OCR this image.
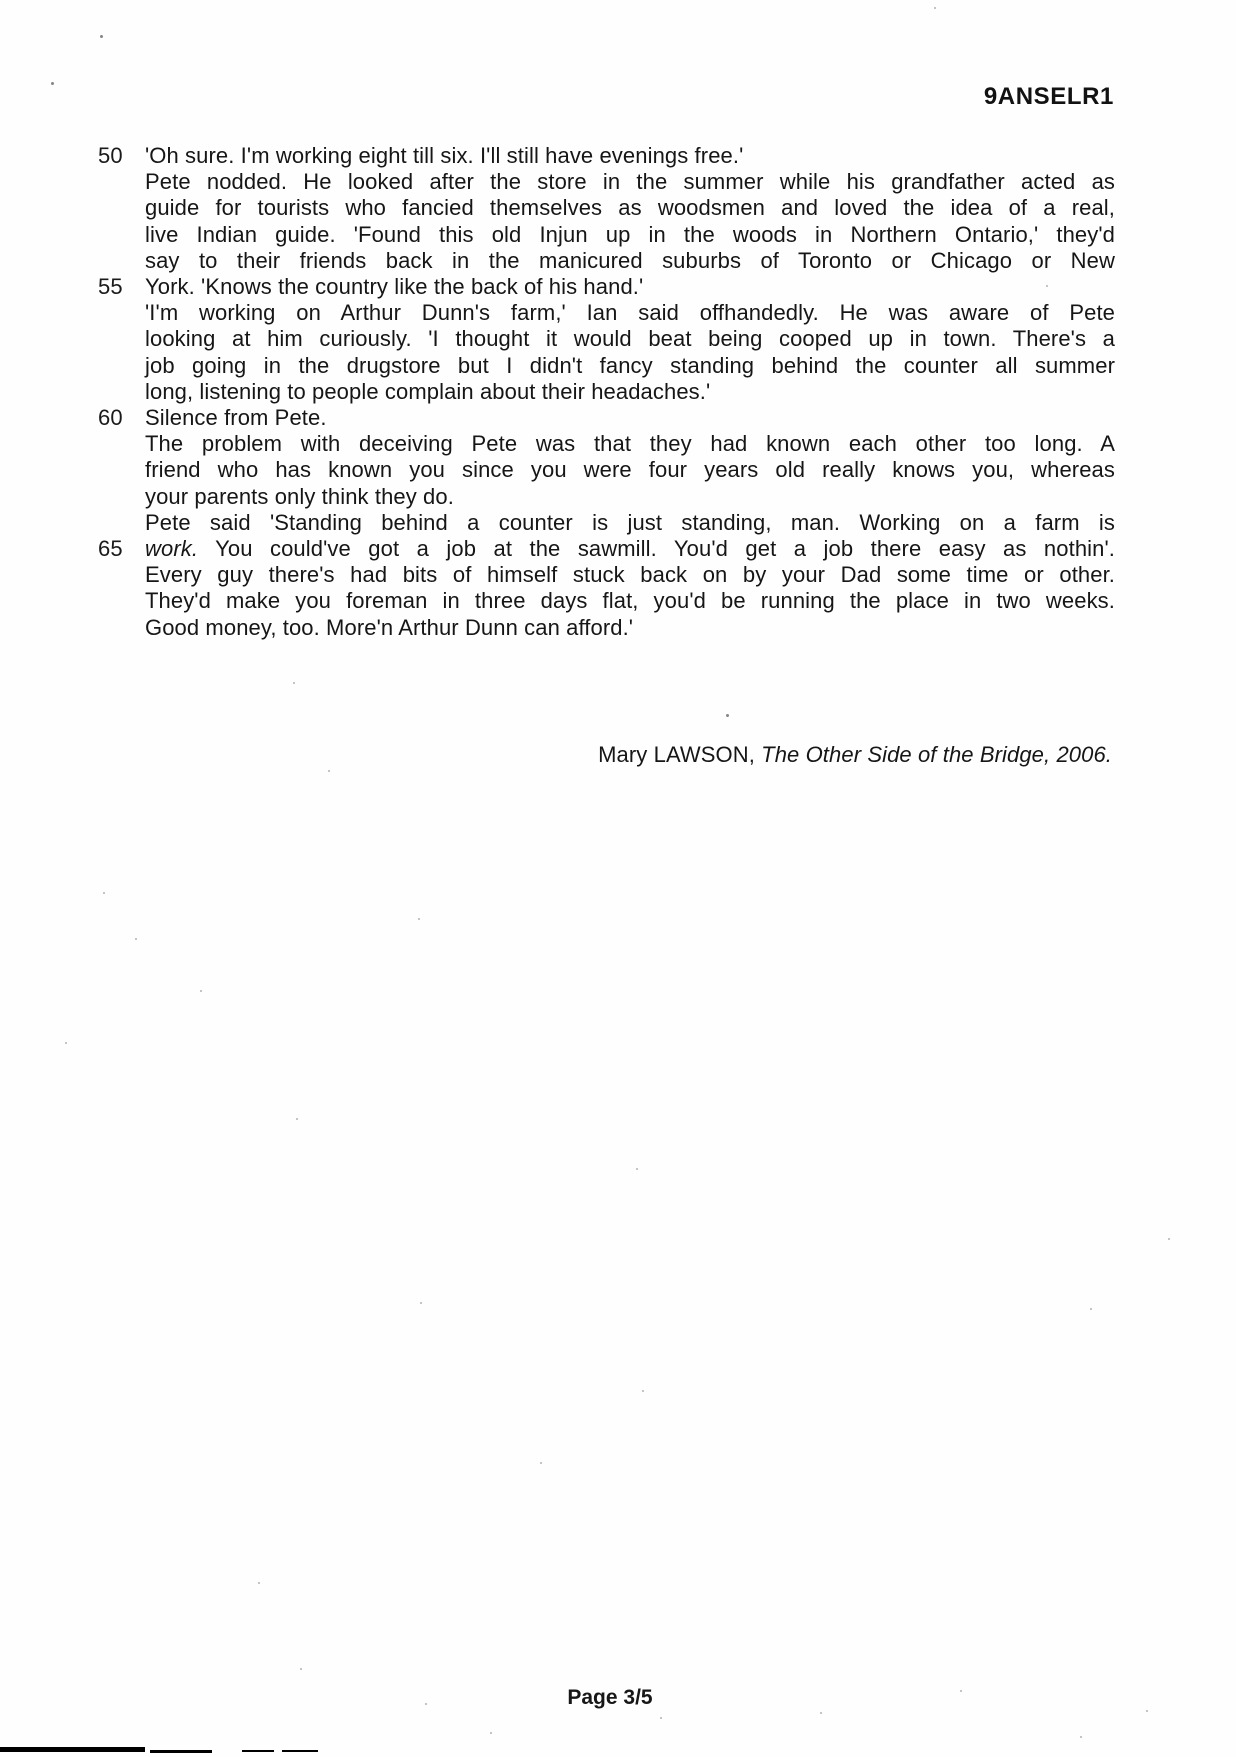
9ANSELR1
50	'Oh sure. I'm working eight till six. I'll still have evenings free.'
Pete nodded. He looked after the store in the summer while his grandfather acted as
guide for tourists who fancied themselves as woodsmen and loved the idea of a real,
live Indian guide. 'Found this old Injun up in the woods in Northern Ontario,' they'd
say to their friends back in the manicured suburbs of Toronto or Chicago or New
55	York. 'Knows the country like the back of his hand.'
'I'm working on Arthur Dunn's farm,' Ian said offhandedly. He was aware of Pete
looking at him curiously. 'I thought it would beat being cooped up in town. There's a
job going in the drugstore but I didn't fancy standing behind the counter all summer
long, listening to people complain about their headaches.'
60	Silence from Pete.
The problem with deceiving Pete was that they had known each other too long. A
friend who has known you since you were four years old really knows you, whereas
your parents only think they do.
Pete said 'Standing behind a counter is just standing, man. Working on a farm is
65	work. You could've got a job at the sawmill. You'd get a job there easy as nothin'.
Every guy there's had bits of himself stuck back on by your Dad some time or other.
They'd make you foreman in three days flat, you'd be running the place in two weeks.
Good money, too. More'n Arthur Dunn can afford.'
Mary LAWSON, The Other Side of the Bridge, 2006.
Page 3/5
